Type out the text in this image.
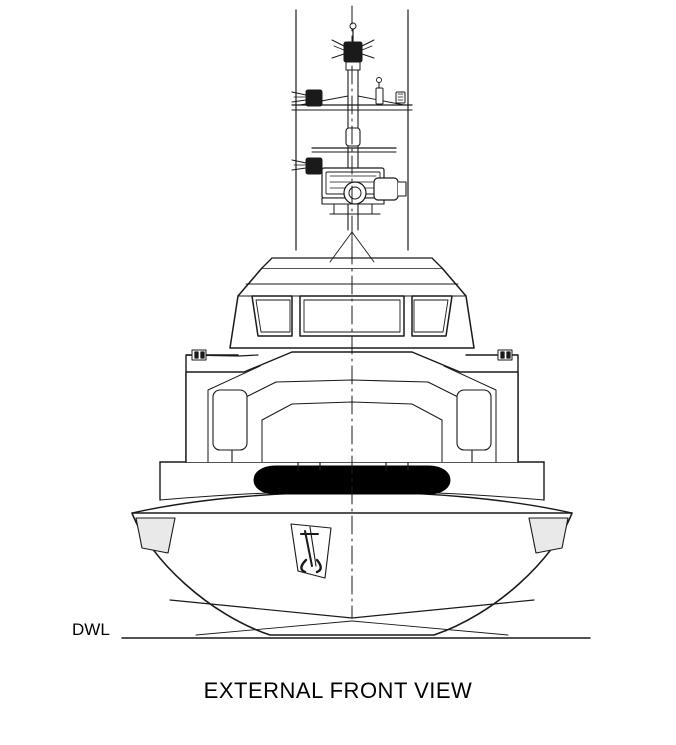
DWL
EXTERNAL FRONT VIEW
